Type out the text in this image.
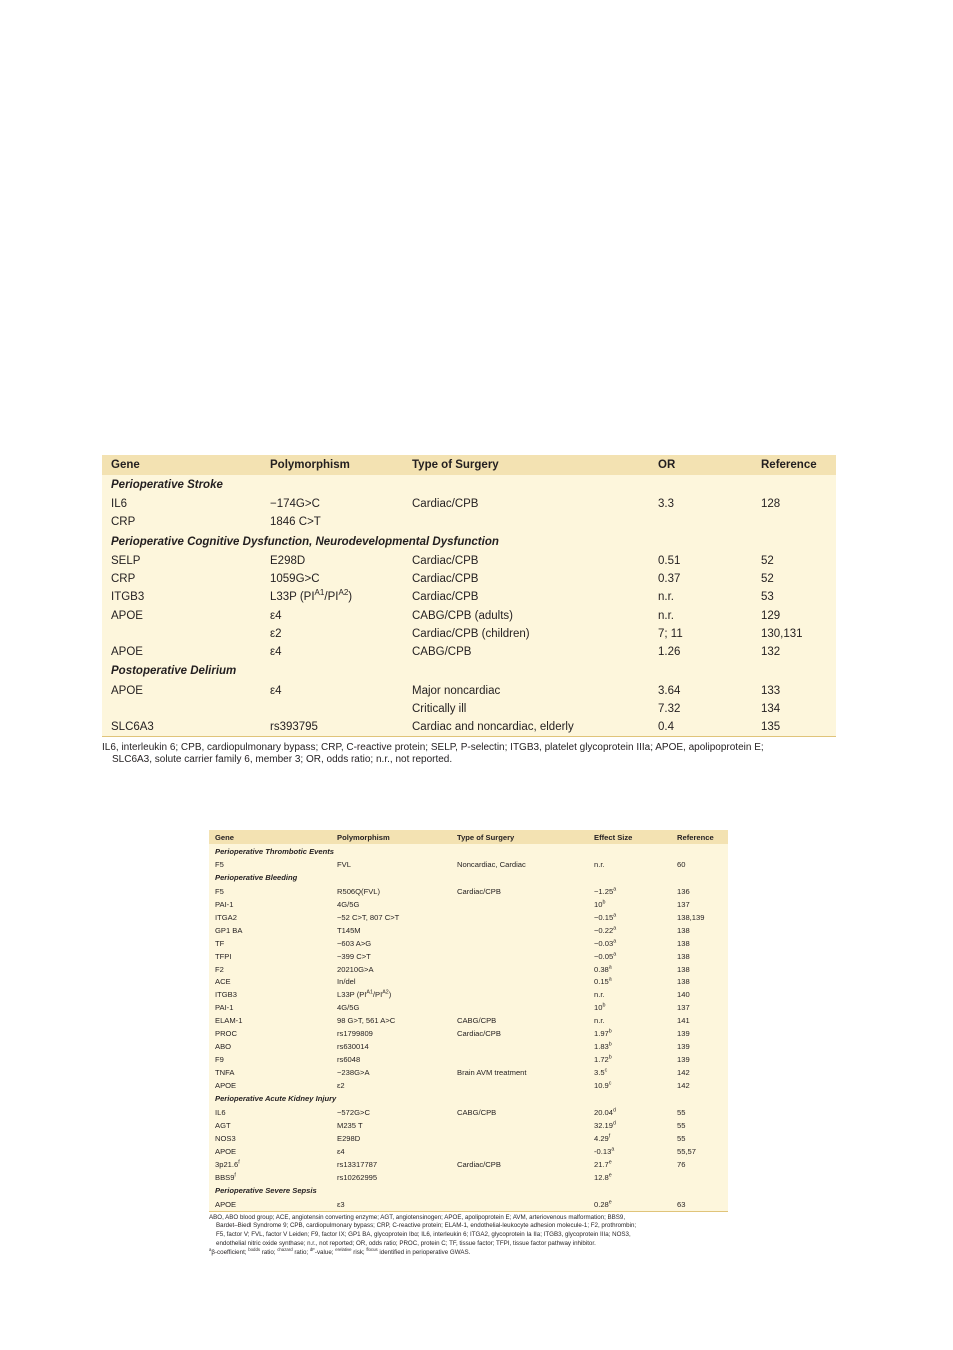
Gene	Polymorphism	Type of Surgery	OR	Reference
Perioperative Stroke				
IL6	−174G>C	Cardiac/CPB	3.3	128
CRP	1846 C>T			
Perioperative Cognitive Dysfunction, Neurodevelopmental Dysfunction				
SELP	E298D	Cardiac/CPB	0.51	52
CRP	1059G>C	Cardiac/CPB	0.37	52
ITGB3	L33P $(PI^{A1}/PI^{A2})$	Cardiac/CPB	n.r.	53
APOE	ε4	CABG/CPB (adults)	n.r.	129
	ε2	Cardiac/CPB (children)	7; 11	130,131
APOE	ε4	CABG/CPB	1.26	132
Postoperative Delirium				
APOE	ε4	Major noncardiac	3.64	133
		Critically ill	7.32	134
SLC6A3	rs393795	Cardiac and noncardiac, elderly	0.4	135
IL6, interleukin 6; CPB, cardiopulmonary bypass; CRP, C-reactive protein; SELP, P-selectin; ITGB3, platelet glycoprotein IIIa; APOE, apolipoprotein E;
SLC6A3, solute carrier family 6, member 3; OR, odds ratio; n.r., not reported.
Gene	Polymorphism	Type of Surgery	Effect Size	Reference
Perioperative Thrombotic Events				
F5	FVL	Noncardiac, Cardiac	n.r.	60
Perioperative Bleeding				
F5	R506Q(FVL)	Cardiac/CPB	−1.25$^a$	136
PAI-1	4G/5G		10$^b$	137
ITGA2	−52 C>T, 807 C>T		−0.15$^a$	138,139
GP1 BA	T145M		−0.22$^a$	138
TF	−603 A>G		−0.03$^a$	138
TFPI	−399 C>T		−0.05$^a$	138
F2	20210G>A		0.38$^a$	138
ACE	In/del		0.15$^a$	138
ITGB3	L33P $(PI^{A1}/PI^{A2})$		n.r.	140
PAI-1	4G/5G		10$^b$	137
ELAM-1	98 G>T, 561 A>C	CABG/CPB	n.r.	141
PROC	rs1799809	Cardiac/CPB	1.97$^b$	139
ABO	rs630014		1.83$^b$	139
F9	rs6048		1.72$^b$	139
TNFA	−238G>A	Brain AVM treatment	3.5$^c$	142
APOE	ε2		10.9$^c$	142
Perioperative Acute Kidney Injury				
IL6	−572G>C	CABG/CPB	20.04$^d$	55
AGT	M235 T		32.19$^d$	55
NOS3	E298D		4.29$^f$	55
APOE	ε4		-0.13$^a$	55,57
3p21.6$^f$	rs13317787	Cardiac/CPB	21.7e	76
BBS9$^f$	rs10262995		12.8e	
Perioperative Severe Sepsis				
APOE	ε3		0.28e	63
ABO, ABO blood group; ACE, angiotensin converting enzyme; AGT, angiotensinogen; APOE, apolipoprotein E; AVM, arteriovenous malformation; BBS9,
Bardet–Biedl Syndrome 9; CPB, cardiopulmonary bypass; CRP, C-reactive protein; ELAM-1, endothelial-leukocyte adhesion molecule-1; F2, prothrombin;
F5, factor V; FVL, factor V Leiden; F9, factor IX; GP1 BA, glycoprotein Ibα; IL6, interleukin 6; ITGA2, glycoprotein Ia IIa; ITGB3, glycoprotein IIIa; NOS3,
endothelial nitric oxide synthase; n.r., not reported; OR, odds ratio; PROC, protein C; TF, tissue factor; TFPI, tissue factor pathway inhibitor.
$^a$β-coefficient; $^{bodds}$ ratio; $^{chazard}$ ratio; $^{dF}$-value; $^{erelative}$ risk; $^{flocus}$ identified in perioperative GWAS.
